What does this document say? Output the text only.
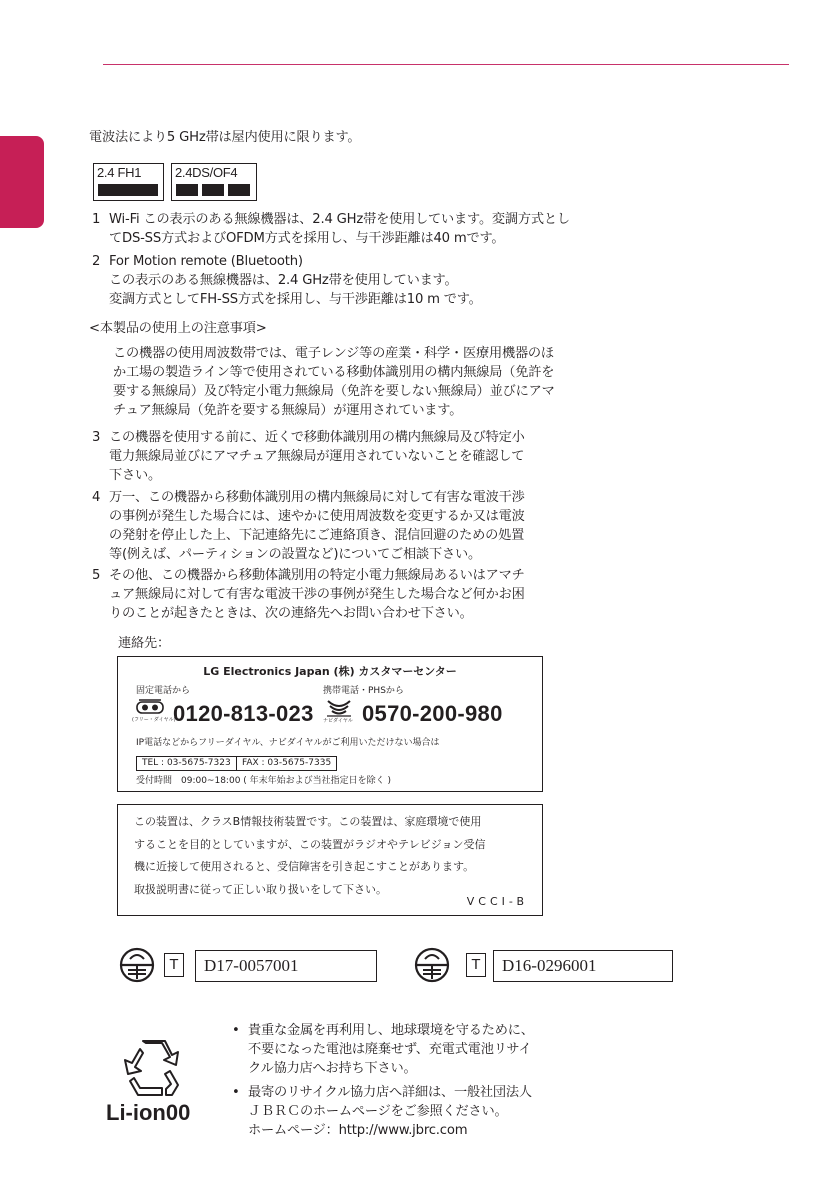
電波法により5 GHz帯は屋内使用に限ります。
2.4 FH1	2.4DS/OF4
1 Wi-Fi この表示のある無線機器は、2.4 GHz帯を使用しています。変調方式とし
てDS-SS方式およびOFDM方式を採用し、与干渉距離は40 mです。
2 For Motion remote (Bluetooth)
この表示のある無線機器は、2.4 GHz帯を使用しています。
変調方式としてFH-SS方式を採用し、与干渉距離は10 m です。
<本製品の使用上の注意事項>
この機器の使用周波数帯では、電子レンジ等の産業・科学・医療用機器のほ
か工場の製造ライン等で使用されている移動体識別用の構内無線局（免許を
要する無線局）及び特定小電力無線局（免許を要しない無線局）並びにアマ
チュア無線局（免許を要する無線局）が運用されています。
3 この機器を使用する前に、近くで移動体識別用の構内無線局及び特定小
電力無線局並びにアマチュア無線局が運用されていないことを確認して
下さい。
4 万一、この機器から移動体識別用の構内無線局に対して有害な電波干渉
の事例が発生した場合には、速やかに使用周波数を変更するか又は電波
の発射を停止した上、下記連絡先にご連絡頂き、混信回避のための処置
等(例えば、パーティションの設置など)についてご相談下さい。
5 その他、この機器から移動体識別用の特定小電力無線局あるいはアマチ
ュア無線局に対して有害な電波干渉の事例が発生した場合など何かお困
りのことが起きたときは、次の連絡先へお問い合わせ下さい。
連絡先：
LG Electronics Japan (株) カスタマーセンター
固定電話から
(フリー・ダイヤル)
0120-813-023
携帯電話・PHSから
ナビダイヤル 0570-200-980
IP電話などからフリーダイヤル、ナビダイヤルがご利用いただけない場合は
TEL : 03-5675-7323	FAX : 03-5675-7335
受付時間　09:00~18:00 ( 年末年始および当社指定日を除く )
この装置は、クラスB情報技術装置です。この装置は、家庭環境で使用
することを目的としていますが、この装置がラジオやテレビジョン受信
機に近接して使用されると、受信障害を引き起こすことがあります。
取扱説明書に従って正しい取り扱いをして下さい。
VCCI-B
T	D17-0057001	T	D16-0296001
Li-ion00
• 貴重な金属を再利用し、地球環境を守るために、
不要になった電池は廃棄せず、充電式電池リサイ
クル協力店へお持ち下さい。
• 最寄のリサイクル協力店へ詳細は、一般社団法人
ＪＢＲＣのホームページをご参照ください。
ホームページ：http://www.jbrc.com
